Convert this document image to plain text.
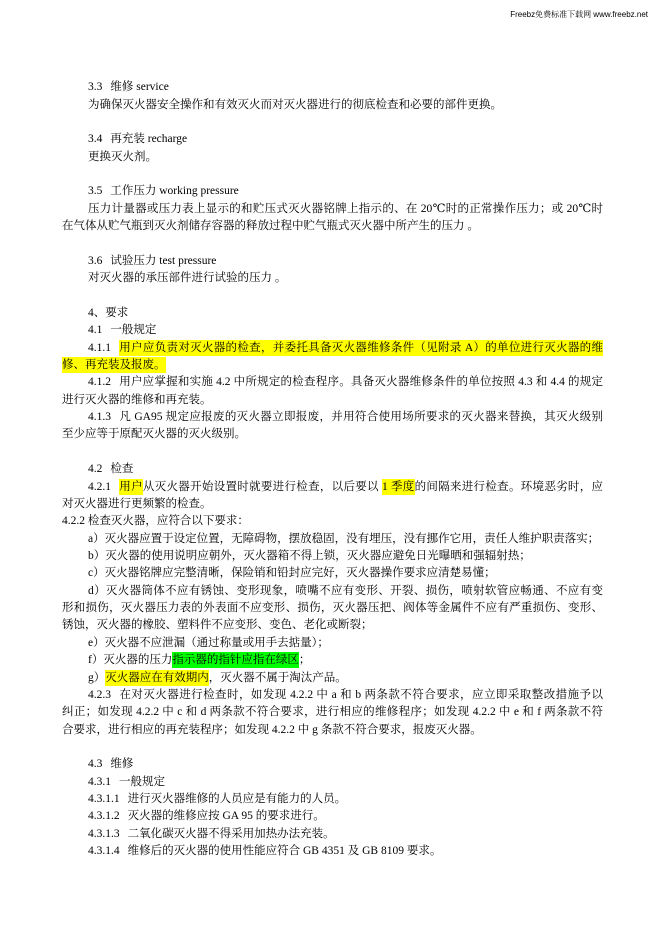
Freebz免费标准下载网 www.freebz.net
3.3 维修 service
为确保灭火器安全操作和有效灭火而对灭火器进行的彻底检查和必要的部件更换。
3.4 再充装 recharge
更换灭火剂。
3.5 工作压力 working pressure
压力计量器或压力表上显示的和贮压式灭火器铭牌上指示的、在 20℃时的正常操作压力；或 20℃时
在气体从贮气瓶到灭火剂储存容器的释放过程中贮气瓶式灭火器中所产生的压力 。
3.6 试验压力 test pressure
对灭火器的承压部件进行试验的压力 。
4、要求
4.1 一般规定
4.1.1 用户应负责对灭火器的检查，并委托具备灭火器维修条件（见附录 A）的单位进行灭火器的维
修、再充装及报废。
4.1.2 用户应掌握和实施 4.2 中所规定的检查程序。具备灭火器维修条件的单位按照 4.3 和 4.4 的规定
进行灭火器的维修和再充装。
4.1.3 凡 GA95 规定应报废的灭火器立即报废，并用符合使用场所要求的灭火器来替换，其灭火级别
至少应等于原配灭火器的灭火级别。
4.2 检查
4.2.1 用户从灭火器开始设置时就要进行检查，以后要以 1 季度的间隔来进行检查。环境恶劣时，应
对灭火器进行更频繁的检查。
4.2.2 检查灭火器，应符合以下要求：
a）灭火器应置于设定位置，无障碍物，摆放稳固，没有埋压，没有挪作它用，责任人维护职责落实；
b）灭火器的使用说明应朝外，灭火器箱不得上锁，灭火器应避免日光曝晒和强辐射热；
c）灭火器铭牌应完整清晰，保险销和铅封应完好，灭火器操作要求应清楚易懂；
d）灭火器筒体不应有锈蚀、变形现象，喷嘴不应有变形、开裂、损伤，喷射软管应畅通、不应有变
形和损伤，灭火器压力表的外表面不应变形、损伤，灭火器压把、阀体等金属件不应有严重损伤、变形、
锈蚀，灭火器的橡胶、塑料件不应变形、变色、老化或断裂；
e）灭火器不应泄漏（通过称量或用手去掂量）；
f）灭火器的压力指示器的指针应指在绿区；
g）灭火器应在有效期内，灭火器不属于淘汰产品。
4.2.3 在对灭火器进行检查时，如发现 4.2.2 中 a 和 b 两条款不符合要求，应立即采取整改措施予以
纠正；如发现 4.2.2 中 c 和 d 两条款不符合要求，进行相应的维修程序；如发现 4.2.2 中 e 和 f 两条款不符
合要求，进行相应的再充装程序；如发现 4.2.2 中 g 条款不符合要求，报废灭火器。
4.3 维修
4.3.1 一般规定
4.3.1.1 进行灭火器维修的人员应是有能力的人员。
4.3.1.2 灭火器的维修应按 GA 95 的要求进行。
4.3.1.3 二氧化碳灭火器不得采用加热办法充装。
4.3.1.4 维修后的灭火器的使用性能应符合 GB 4351 及 GB 8109 要求。
